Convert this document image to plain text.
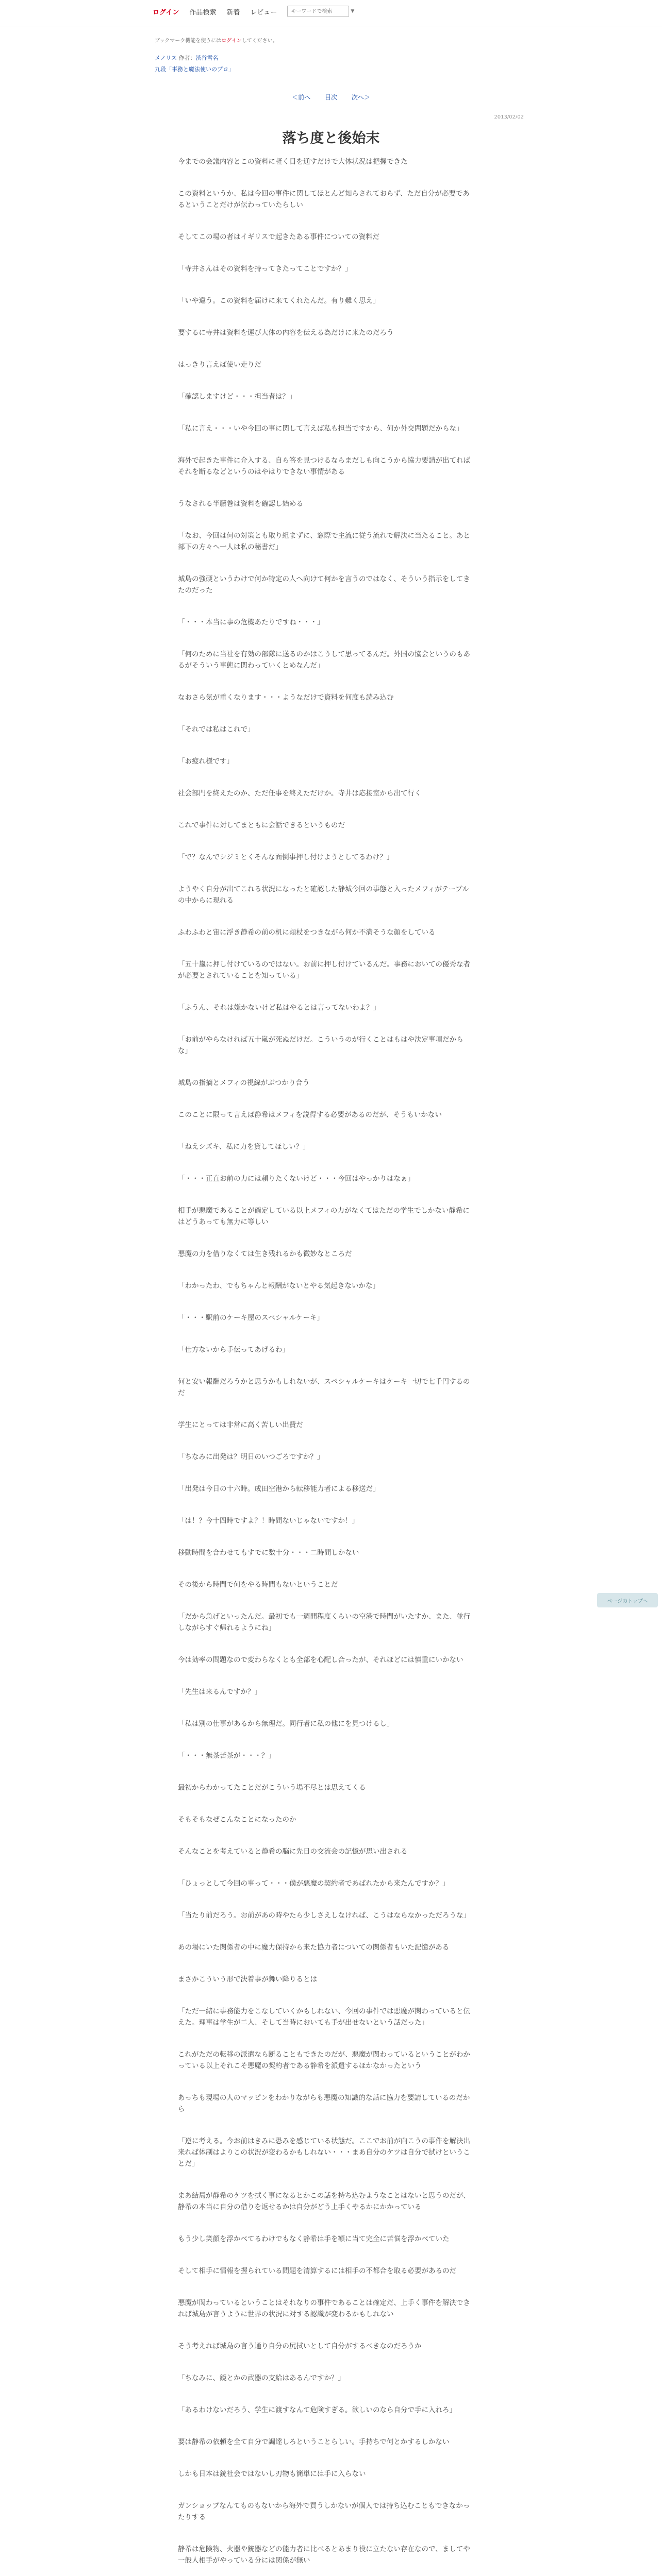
ログイン 作品検索 新着 レビュー
キーワードで検索	▼
ブックマーク機能を使うにはログインしてください。
メノリス 作者：渋谷雪名
九段「事務と魔法使いのプロ」
＜前へ 目次 次へ＞
2013/02/02
落ち度と後始末

今までの会議内容とこの資料に軽く目を通すだけで大体状況は把握できた

この資料というか、私は今回の事件に関してほとんど知らされておらず、ただ自分が必要であるということだけが伝わっていたらしい

そしてこの場の者はイギリスで起きたある事件についての資料だ

「寺井さんはその資料を持ってきたってことですか？」

「いや違う。この資料を届けに来てくれたんだ。有り難く思え」

要するに寺井は資料を運び大体の内容を伝える為だけに来たのだろう

はっきり言えば使い走りだ

「確認しますけど・・・担当者は？」

「私に言え・・・いや今回の事に関して言えば私も担当ですから、何か外交問題だからな」

海外で起きた事件に介入する、自ら答を見つけるならまだしも向こうから協力要請が出てればそれを断るなどというのはやはりできない事情がある

うなされる半藤巻は資料を確認し始める

「なお、今回は何の対策とも取り組まずに、窓際で主流に従う流れで解決に当たること。あと部下の方々へ一人は私の秘書だ」

城島の強硬というわけで何か特定の人へ向けて何かを言うのではなく、そういう指示をしてきたのだった

「・・・本当に事の危機あたりですね・・・」

「何のために当社を有効の部隊に送るのかはこうして思ってるんだ。外国の協会というのもあるがそういう事態に関わっていくとめなんだ」

なおさら気が重くなります・・・ようなだけで資料を何度も読み込む

「それでは私はこれで」

「お疲れ様です」

社会部門を終えたのか、ただ任事を終えただけか。寺井は応接室から出て行く

これで事件に対してまともに会話できるというものだ

「で？なんでシジミとくそんな面倒事押し付けようとしてるわけ？」

ようやく自分が出てこれる状況になったと確認した静城今回の事態と入ったメフィがテーブルの中からに現れる

ふわふわと宙に浮き静希の前の机に頬杖をつきながら何か不満そうな顔をしている

「五十嵐に押し付けているのではない。お前に押し付けているんだ。事務においての優秀な者が必要とされていることを知っている」

「ふうん、それは嫌かないけど私はやるとは言ってないわよ？」

「お前がやらなければ五十嵐が死ぬだけだ。こういうのが行くことはもはや決定事項だからな」

城島の指摘とメフィの視線がぶつかり合う

このことに限って言えば静希はメフィを説得する必要があるのだが、そうもいかない

「ねえシズキ、私に力を貸してほしい？」

「・・・正直お前の力には頼りたくないけど・・・今回はやっかりはなぁ」

相手が悪魔であることが確定している以上メフィの力がなくてはただの学生でしかない静希にはどうあっても無力に等しい

悪魔の力を借りなくては生き残れるかも微妙なところだ

「わかったわ、でもちゃんと報酬がないとやる気起きないかな」

「・・・駅前のケーキ屋のスペシャルケーキ」

「仕方ないから手伝ってあげるわ」

何と安い報酬だろうかと思うかもしれないが、スペシャルケーキはケーキ一切で七千円するのだ

学生にとっては非常に高く苦しい出費だ

「ちなみに出発は？明日のいつごろですか？」

「出発は今日の十六時。成田空港から転移能力者による移送だ」

「は！？今十四時ですよ？！時間ないじゃないですか！」

移動時間を合わせてもすでに数十分・・・二時間しかない

その後から時間で何をやる時間もないということだ

「だから急げといったんだ。最初でも一週間程度くらいの空港で時間がいたすか、また、並行しながらすぐ帰れるようにね」

今は効率の問題なので変わらなくとも全部を心配し合ったが、それほどには慎重にいかない

「先生は来るんですか？」

「私は別の仕事があるから無理だ。同行者に私の他にを見つけるし」

「・・・無茶苦茶が・・・？」

最初からわかってたことだがこういう場不尽とは思えてくる

そもそもなぜこんなことになったのか

そんなことを考えていると静希の脳に先日の交流会の記憶が思い出される

「ひょっとして今回の事って・・・僕が悪魔の契約者であばれたから来たんですか？」

「当たり前だろう。お前があの時やたら少しさえしなければ、こうはならなかっただろうな」

あの場にいた関係者の中に魔力保持から来た協力者についての関係者もいた記憶がある

まさかこういう形で決着事が舞い降りるとは

「ただ一緒に事務能力をこなしていくかもしれない、今回の事件では悪魔が関わっていると伝えた。理事は学生が二人、そして当時においても手が出せないという話だった」

これがただの転移の派遣なら断ることもできたのだが、悪魔が関わっているということがわかっている以上それこそ悪魔の契約者である静希を派遣するほかなかったという

あっちも現場の人のマッピンをわかりながらも悪魔の知識的な話に協力を要請しているのだから

「逆に考える。今お前はきみに恐みを感じている状態だ。ここでお前が向こうの事件を解決出来れば体制はよりこの状況が変わるかもしれない・・・まあ自分のケツは自分で拭けということだ」

まあ結局が静希のケツを拭く事になるとかこの話を持ち込むようなことはないと思うのだが、静希の本当に自分の借りを返せるかは自分がどう上手くやるかにかかっている

もう少し笑顔を浮かべてるわけでもなく静希は手を額に当て完全に苦悩を浮かべていた

そして相手に情報を握られている問題を清算するには相手の不都合を取る必要があるのだ

悪魔が関わっているということはそれなりの事件であることは確定だ、上手く事件を解決できれば城島が言うように世界の状況に対する認識が変わるかもしれない

そう考えれば城島の言う通り自分の尻拭いとして自分がするべきなのだろうか

「ちなみに、鏡とかの武器の支給はあるんですか？」

「あるわけないだろう、学生に渡すなんて危険すぎる。欲しいのなら自分で手に入れろ」

要は静希の依頼を全て自分で調達しろということらしい。手持ちで何とかするしかない

しかも日本は銃社会ではないし刃物も簡単には手に入らない

ガンショップなんてものもないから海外で買うしかないが個人では持ち込むこともできなかったりする

静希は危険物、火器や銃器などの能力者に比べるとあまり役に立たない存在なので、ましてや一般人相手がやっている分には関係が無い

ページのトップへ
